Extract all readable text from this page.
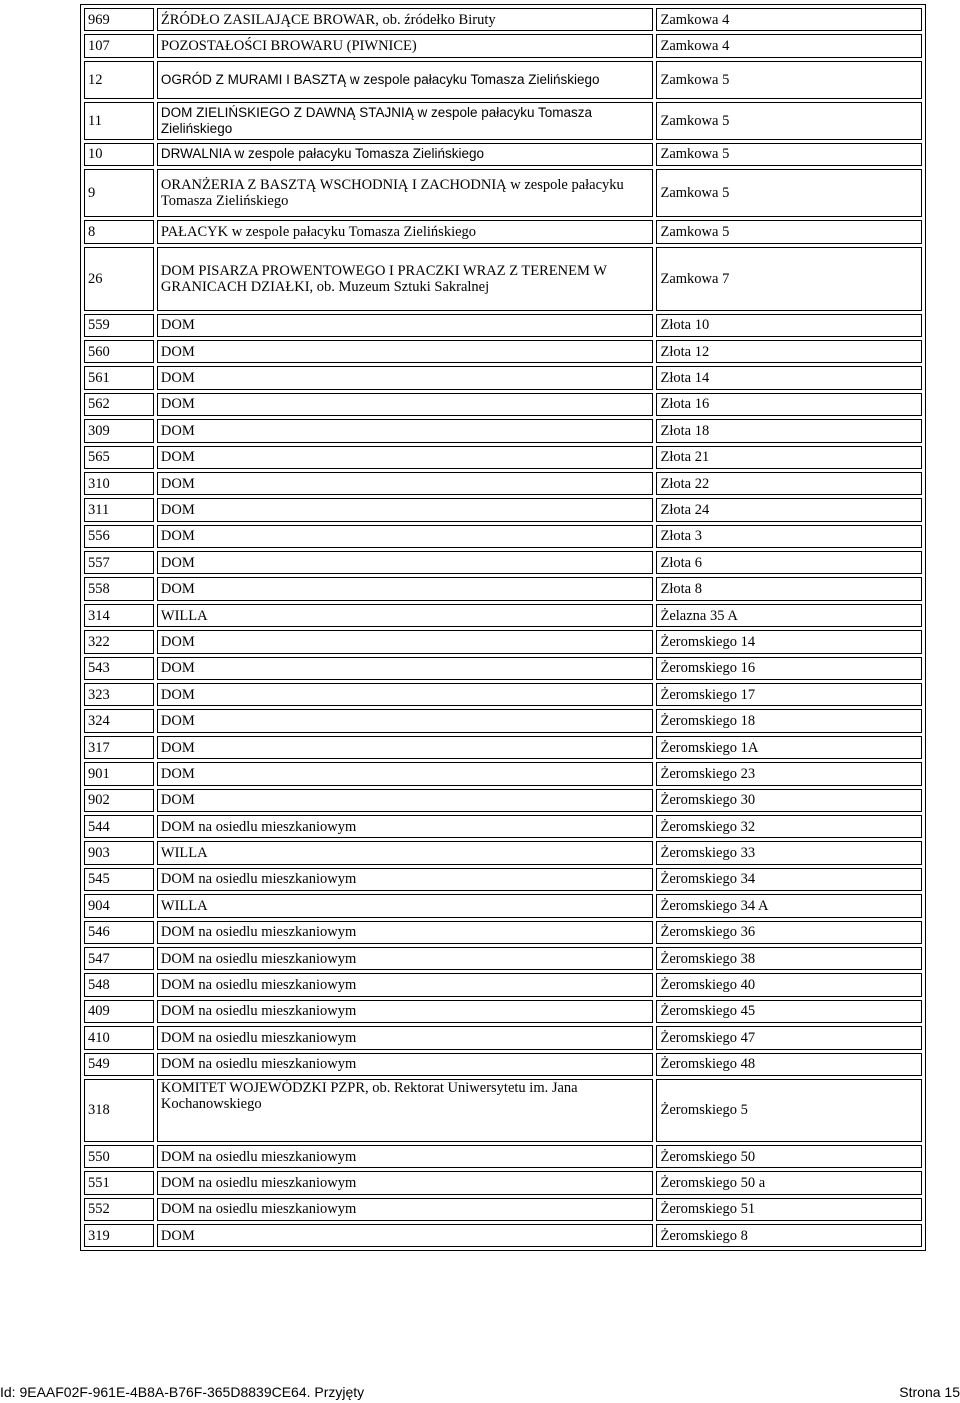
969	ŹRÓDŁO ZASILAJĄCE BROWAR, ob. źródełko Biruty	Zamkowa 4
107	POZOSTAŁOŚCI BROWARU (PIWNICE)	Zamkowa 4
12	OGRÓD Z MURAMI I BASZTĄ w zespole pałacyku Tomasza Zielińskiego	Zamkowa 5
11	DOM ZIELIŃSKIEGO Z DAWNĄ STAJNIĄ w zespole pałacyku Tomasza Zielińskiego	Zamkowa 5
10	DRWALNIA w zespole pałacyku Tomasza Zielińskiego	Zamkowa 5
9	ORANŻERIA Z BASZTĄ WSCHODNIĄ I ZACHODNIĄ w zespole pałacyku Tomasza Zielińskiego	Zamkowa 5
8	PAŁACYK w zespole pałacyku Tomasza Zielińskiego	Zamkowa 5
26	DOM PISARZA PROWENTOWEGO I PRACZKI WRAZ Z TERENEM W GRANICACH DZIAŁKI, ob. Muzeum Sztuki Sakralnej	Zamkowa 7
559	DOM	Złota 10
560	DOM	Złota 12
561	DOM	Złota 14
562	DOM	Złota 16
309	DOM	Złota 18
565	DOM	Złota 21
310	DOM	Złota 22
311	DOM	Złota 24
556	DOM	Złota 3
557	DOM	Złota 6
558	DOM	Złota 8
314	WILLA	Żelazna 35 A
322	DOM	Żeromskiego 14
543	DOM	Żeromskiego 16
323	DOM	Żeromskiego 17
324	DOM	Żeromskiego 18
317	DOM	Żeromskiego 1A
901	DOM	Żeromskiego 23
902	DOM	Żeromskiego 30
544	DOM na osiedlu mieszkaniowym	Żeromskiego 32
903	WILLA	Żeromskiego 33
545	DOM na osiedlu mieszkaniowym	Żeromskiego 34
904	WILLA	Żeromskiego 34 A
546	DOM na osiedlu mieszkaniowym	Żeromskiego 36
547	DOM na osiedlu mieszkaniowym	Żeromskiego 38
548	DOM na osiedlu mieszkaniowym	Żeromskiego 40
409	DOM na osiedlu mieszkaniowym	Żeromskiego 45
410	DOM na osiedlu mieszkaniowym	Żeromskiego 47
549	DOM na osiedlu mieszkaniowym	Żeromskiego 48
318	KOMITET WOJEWÓDZKI PZPR, ob. Rektorat Uniwersytetu im. Jana Kochanowskiego	Żeromskiego 5
550	DOM na osiedlu mieszkaniowym	Żeromskiego 50
551	DOM na osiedlu mieszkaniowym	Żeromskiego 50 a
552	DOM na osiedlu mieszkaniowym	Żeromskiego 51
319	DOM	Żeromskiego 8
Id: 9EAAF02F-961E-4B8A-B76F-365D8839CE64. Przyjęty	Strona 15
